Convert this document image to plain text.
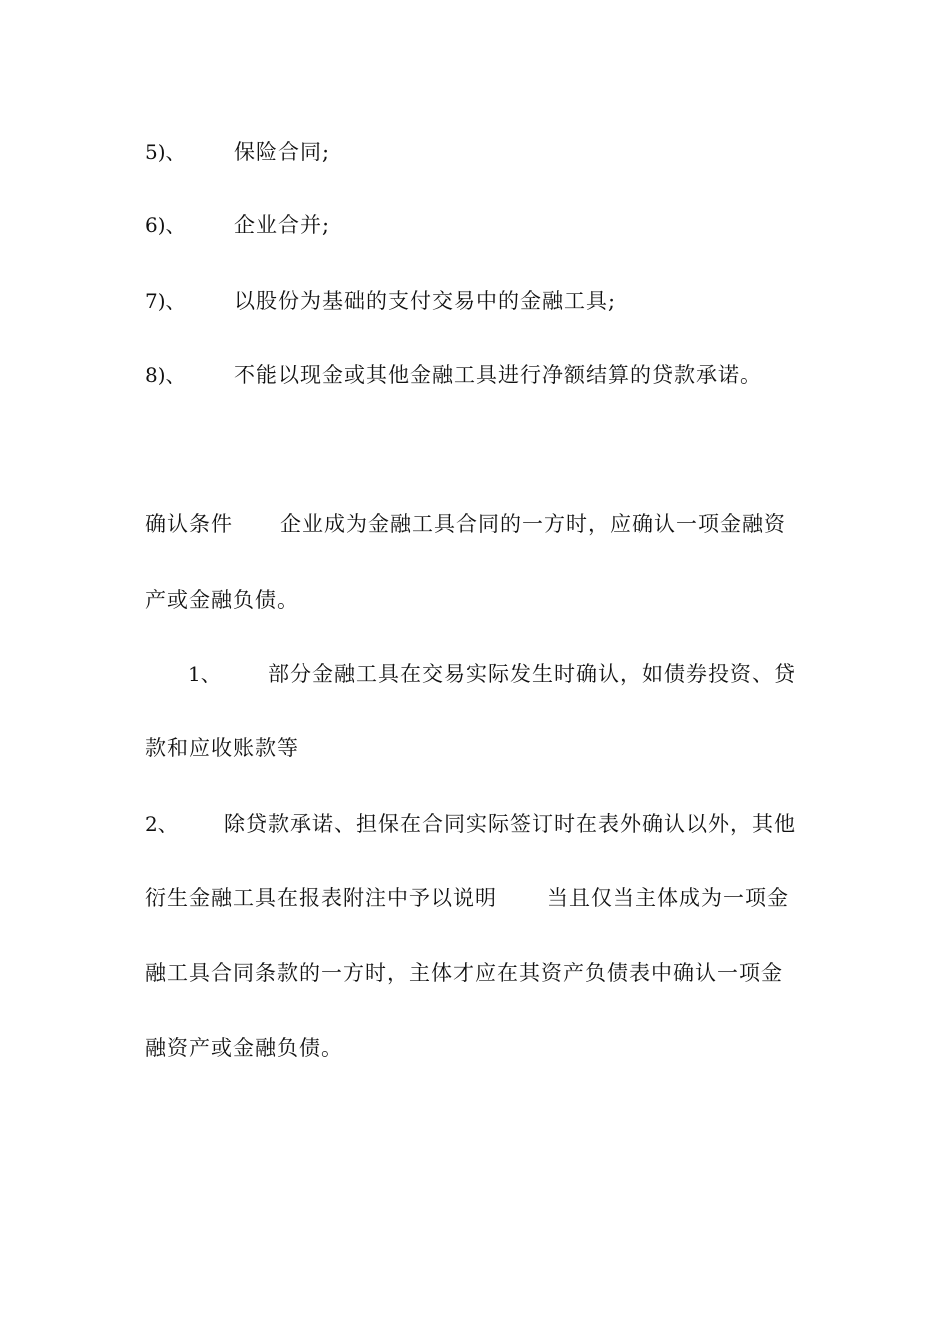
5)、 保险合同;
6)、 企业合并;
7)、 以股份为基础的支付交易中的金融工具;
8)、 不能以现金或其他金融工具进行净额结算的贷款承诺。
确认条件 企业成为金融工具合同的一方时，应确认一项金融资
产或金融负债。
1、 部分金融工具在交易实际发生时确认，如债券投资、贷
款和应收账款等
2、 除贷款承诺、担保在合同实际签订时在表外确认以外，其他
衍生金融工具在报表附注中予以说明 当且仅当主体成为一项金
融工具合同条款的一方时，主体才应在其资产负债表中确认一项金
融资产或金融负债。
